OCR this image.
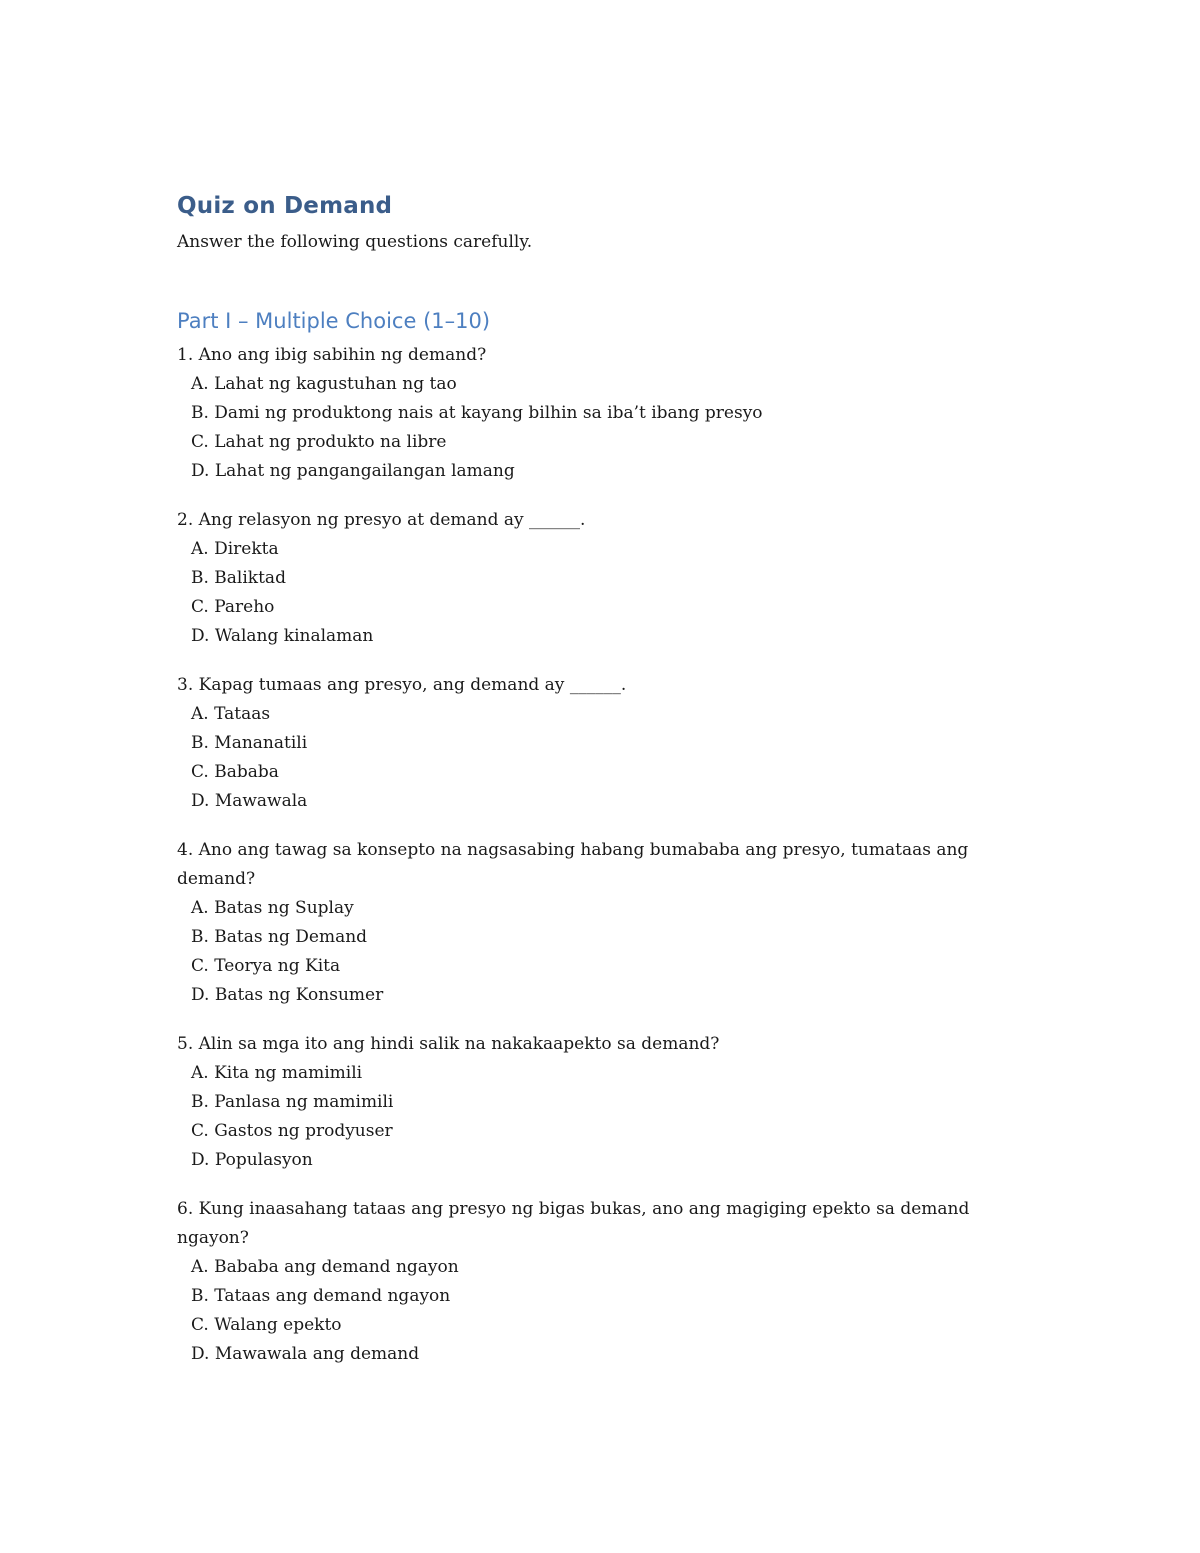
Quiz on Demand

Answer the following questions carefully.

Part I – Multiple Choice (1–10)

1. Ano ang ibig sabihin ng demand?

A. Lahat ng kagustuhan ng tao
B. Dami ng produktong nais at kayang bilhin sa iba’t ibang presyo
C. Lahat ng produkto na libre
D. Lahat ng pangangailangan lamang

2. Ang relasyon ng presyo at demand ay ______.

A. Direkta
B. Baliktad
C. Pareho
D. Walang kinalaman

3. Kapag tumaas ang presyo, ang demand ay ______.

A. Tataas
B. Mananatili
C. Bababa
D. Mawawala

4. Ano ang tawag sa konsepto na nagsasabing habang bumababa ang presyo, tumataas ang demand?

A. Batas ng Suplay
B. Batas ng Demand
C. Teorya ng Kita
D. Batas ng Konsumer

5. Alin sa mga ito ang hindi salik na nakakaapekto sa demand?

A. Kita ng mamimili
B. Panlasa ng mamimili
C. Gastos ng prodyuser
D. Populasyon

6. Kung inaasahang tataas ang presyo ng bigas bukas, ano ang magiging epekto sa demand ngayon?

A. Bababa ang demand ngayon
B. Tataas ang demand ngayon
C. Walang epekto
D. Mawawala ang demand
